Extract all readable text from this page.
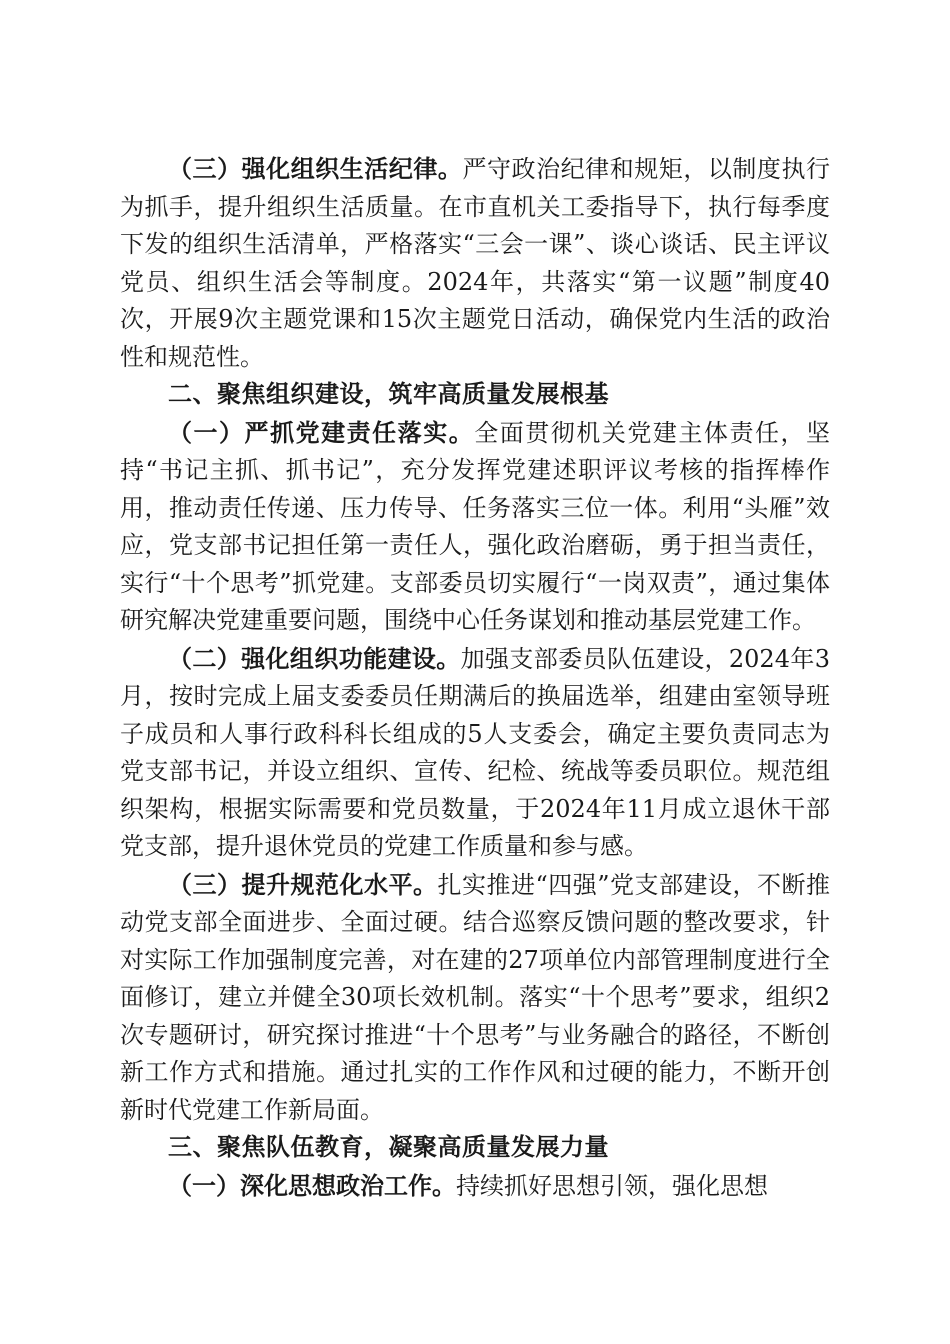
（三）强化组织生活纪律。严守政治纪律和规矩，以制度执行为抓手，提升组织生活质量。在市直机关工委指导下，执行每季度下发的组织生活清单，严格落实“三会一课”、谈心谈话、民主评议党员、组织生活会等制度。2024年，共落实“第一议题”制度40次，开展9次主题党课和15次主题党日活动，确保党内生活的政治性和规范性。

二、聚焦组织建设，筑牢高质量发展根基

（一）严抓党建责任落实。全面贯彻机关党建主体责任，坚持“书记主抓、抓书记”，充分发挥党建述职评议考核的指挥棒作用，推动责任传递、压力传导、任务落实三位一体。利用“头雁”效应，党支部书记担任第一责任人，强化政治磨砺，勇于担当责任，实行“十个思考”抓党建。支部委员切实履行“一岗双责”，通过集体研究解决党建重要问题，围绕中心任务谋划和推动基层党建工作。

（二）强化组织功能建设。加强支部委员队伍建设，2024年3月，按时完成上届支委委员任期满后的换届选举，组建由室领导班子成员和人事行政科科长组成的5人支委会，确定主要负责同志为党支部书记，并设立组织、宣传、纪检、统战等委员职位。规范组织架构，根据实际需要和党员数量，于2024年11月成立退休干部党支部，提升退休党员的党建工作质量和参与感。

（三）提升规范化水平。扎实推进“四强”党支部建设，不断推动党支部全面进步、全面过硬。结合巡察反馈问题的整改要求，针对实际工作加强制度完善，对在建的27项单位内部管理制度进行全面修订，建立并健全30项长效机制。落实“十个思考”要求，组织2次专题研讨，研究探讨推进“十个思考”与业务融合的路径，不断创新工作方式和措施。通过扎实的工作作风和过硬的能力，不断开创新时代党建工作新局面。

三、聚焦队伍教育，凝聚高质量发展力量

（一）深化思想政治工作。持续抓好思想引领，强化思想
